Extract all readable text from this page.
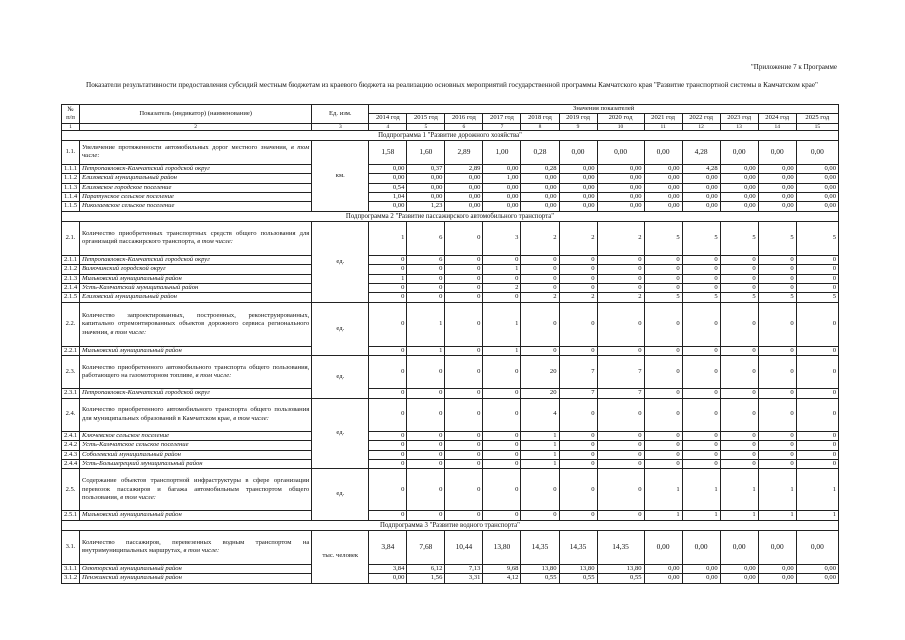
"Приложение 7 к Программе
Показатели результативности предоставления субсидий местным бюджетам из краевого бюджета на реализацию основных мероприятий государственной программы Камчатского края "Развитие транспортной системы в Камчатском крае"
№ п/п	Показатель (индикатор) (наименование)	Ед. изм.	Значения показателей											
			2014 год	2015 год	2016 год	2017 год	2018 год	2019 год	2020 год	2021 год	2022 год	2023 год	2024 год	2025 год
1	2	3	4	5	6	7	8	9	10	11	12	13	14	15
Подпрограмма 1 "Развитие дорожного хозяйства"														
1.1.	Увеличение протяженности автомобильных дорог местного значения, в том числе:	км.	1,58	1,60	2,89	1,00	0,28	0,00	0,00	0,00	4,28	0,00	0,00	0,00
1.1.1	Петропавловск-Камчатский городской округ		0,00	0,37	2,89	0,00	0,28	0,00	0,00	0,00	4,28	0,00	0,00	0,00
1.1.2	Елизовский муниципальный район		0,00	0,00	0,00	1,00	0,00	0,00	0,00	0,00	0,00	0,00	0,00	0,00
1.1.3	Елизовское городское поселение		0,54	0,00	0,00	0,00	0,00	0,00	0,00	0,00	0,00	0,00	0,00	0,00
1.1.4	Паратунское сельское поселение		1,04	0,00	0,00	0,00	0,00	0,00	0,00	0,00	0,00	0,00	0,00	0,00
1.1.5	Николаевское сельское поселение		0,00	1,23	0,00	0,00	0,00	0,00	0,00	0,00	0,00	0,00	0,00	0,00
Подпрограмма 2 "Развитие пассажирского автомобильного транспорта"														
2.1.	Количество приобретенных транспортных средств общего пользования для организаций пассажирского транспорта, в том числе:	ед.	1	6	0	3	2	2	2	5	5	5	5	5
2.1.1	Петропавловск-Камчатский городской округ		0	6	0	0	0	0	0	0	0	0	0	0
2.1.2	Вилючинский городской округ		0	0	0	1	0	0	0	0	0	0	0	0
2.1.3	Мильковский муниципальный район		1	0	0	0	0	0	0	0	0	0	0	0
2.1.4	Усть-Камчатский муниципальный район		0	0	0	2	0	0	0	0	0	0	0	0
2.1.5	Елизовский муниципальный район		0	0	0	0	2	2	2	5	5	5	5	5
2.2.	Количество запроектированных, построенных, реконструированных, капитально отремонтированных объектов дорожного сервиса регионального значения, в том числе:	ед.	0	1	0	1	0	0	0	0	0	0	0	0
2.2.1	Мильковский муниципальный район		0	1	0	1	0	0	0	0	0	0	0	0
2.3.	Количество приобретенного автомобильного транспорта общего пользования, работающего на газомоторном топливе, в том числе:	ед.	0	0	0	0	20	7	7	0	0	0	0	0
2.3.1	Петропавловск-Камчатский городской округ		0	0	0	0	20	7	7	0	0	0	0	0
2.4.	Количество приобретенного автомобильного транспорта общего пользования для муниципальных образований в Камчатском крае, в том числе:	ед.	0	0	0	0	4	0	0	0	0	0	0	0
2.4.1	Ключевское сельское поселение		0	0	0	0	1	0	0	0	0	0	0	0
2.4.2	Усть-Камчатское сельское поселение		0	0	0	0	1	0	0	0	0	0	0	0
2.4.3	Соболевский муниципальный район		0	0	0	0	1	0	0	0	0	0	0	0
2.4.4	Усть-Большерецкий муниципальный район		0	0	0	0	1	0	0	0	0	0	0	0
2.5.	Содержание объектов транспортной инфраструктуры в сфере организации перевозок пассажиров и багажа автомобильным транспортом общего пользования, в том числе:	ед.	0	0	0	0	0	0	0	1	1	1	1	1
2.5.1	Мильковский муниципальный район		0	0	0	0	0	0	0	1	1	1	1	1
Подпрограмма 3 "Развитие водного транспорта"														
3.1.	Количество пассажиров, перевезенных водным транспортом на внутримуниципальных маршрутах, в том числе:	тыс. человек	3,84	7,68	10,44	13,80	14,35	14,35	14,35	0,00	0,00	0,00	0,00	0,00
3.1.1	Олюторский муниципальный район		3,84	6,12	7,13	9,68	13,80	13,80	13,80	0,00	0,00	0,00	0,00	0,00
3.1.2	Пенжинский муниципальный район		0,00	1,56	3,31	4,12	0,55	0,55	0,55	0,00	0,00	0,00	0,00	0,00
